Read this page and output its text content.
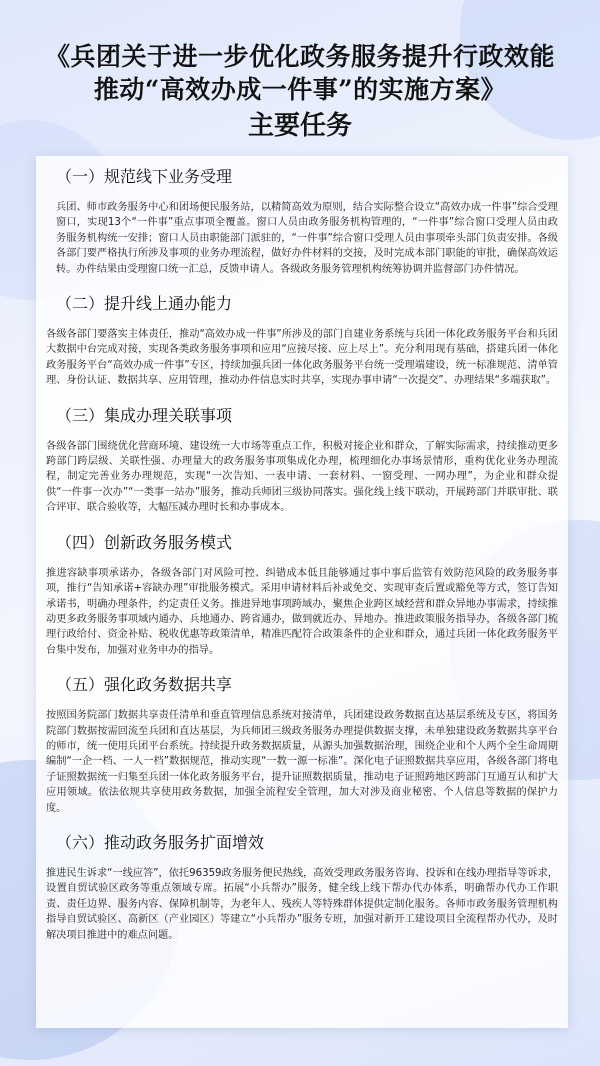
《兵团关于进一步优化政务服务提升行政效能
推动“高效办成一件事”的实施方案》
主要任务
（一）规范线下业务受理

兵团、师市政务服务中心和团场便民服务站，以精简高效为原则，结合实际整合设立“高效办成一件事”综合受理窗口，实现13个“一件事”重点事项全覆盖。窗口人员由政务服务机构管理的，“一件事”综合窗口受理人员由政务服务机构统一安排；窗口人员由职能部门派驻的，“一件事”综合窗口受理人员由事项牵头部门负责安排。各级各部门要严格执行所涉及事项的业务办理流程，做好办件材料的交接，及时完成本部门职能的审批，确保高效运转。办件结果由受理窗口统一汇总，反馈申请人。各级政务服务管理机构统筹协调并监督部门办件情况。

（二）提升线上通办能力

各级各部门要落实主体责任，推动“高效办成一件事”所涉及的部门自建业务系统与兵团一体化政务服务平台和兵团大数据中台完成对接，实现各类政务服务事项和应用“应接尽接、应上尽上”。充分利用现有基础，搭建兵团一体化政务服务平台“高效办成一件事”专区，持续加强兵团一体化政务服务平台统一受理端建设，统一标准规范、清单管理、身份认证、数据共享、应用管理，推动办件信息实时共享，实现办事申请“一次提交”、办理结果“多端获取”。

（三）集成办理关联事项

各级各部门围绕优化营商环境、建设统一大市场等重点工作，积极对接企业和群众，了解实际需求，持续推动更多跨部门跨层级、关联性强、办理量大的政务服务事项集成化办理，梳理细化办事场景情形，重构优化业务办理流程，制定完善业务办理规范，实现“一次告知、一表申请、一套材料、一窗受理、一网办理”，为企业和群众提供“一件事一次办”“一类事一站办”服务，推动兵师团三级协同落实。强化线上线下联动，开展跨部门并联审批、联合评审、联合验收等，大幅压减办理时长和办事成本。

（四）创新政务服务模式

推进容缺事项承诺办，各级各部门对风险可控、纠错成本低且能够通过事中事后监管有效防范风险的政务服务事项，推行“告知承诺+容缺办理”审批服务模式。采用申请材料后补或免交、实现审查后置或豁免等方式，签订告知承诺书，明确办理条件，约定责任义务。推进异地事项跨域办，聚焦企业跨区域经营和群众异地办事需求，持续推动更多政务服务事项域内通办、兵地通办、跨省通办，做到就近办、异地办。推进政策服务指导办，各级各部门梳理行政给付、资金补贴、税收优惠等政策清单，精准匹配符合政策条件的企业和群众，通过兵团一体化政务服务平台集中发布，加强对业务申办的指导。

（五）强化政务数据共享

按照国务院部门数据共享责任清单和垂直管理信息系统对接清单，兵团建设政务数据直达基层系统及专区，将国务院部门数据按需回流至兵团和直达基层，为兵师团三级政务服务办理提供数据支撑，未单独建设政务数据共享平台的师市，统一使用兵团平台系统。持续提升政务数据质量，从源头加强数据治理，围绕企业和个人两个全生命周期编制“一企一档、一人一档”数据规范，推动实现“一数一源一标准”。深化电子证照数据共享应用，各级各部门将电子证照数据统一归集至兵团一体化政务服务平台，提升证照数据质量，推动电子证照跨地区跨部门互通互认和扩大应用领域。依法依规共享使用政务数据，加强全流程安全管理，加大对涉及商业秘密、个人信息等数据的保护力度。

（六）推动政务服务扩面增效

推进民生诉求“一线应答”，依托96359政务服务便民热线，高效受理政务服务咨询、投诉和在线办理指导等诉求，设置自贸试验区政务等重点领域专席。拓展“小兵帮办”服务，健全线上线下帮办代办体系，明确帮办代办工作职责、责任边界、服务内容、保障机制等，为老年人、残疾人等特殊群体提供定制化服务。各师市政务服务管理机构指导自贸试验区、高新区（产业园区）等建立“小兵帮办”服务专班，加强对新开工建设项目全流程帮办代办，及时解决项目推进中的难点问题。
